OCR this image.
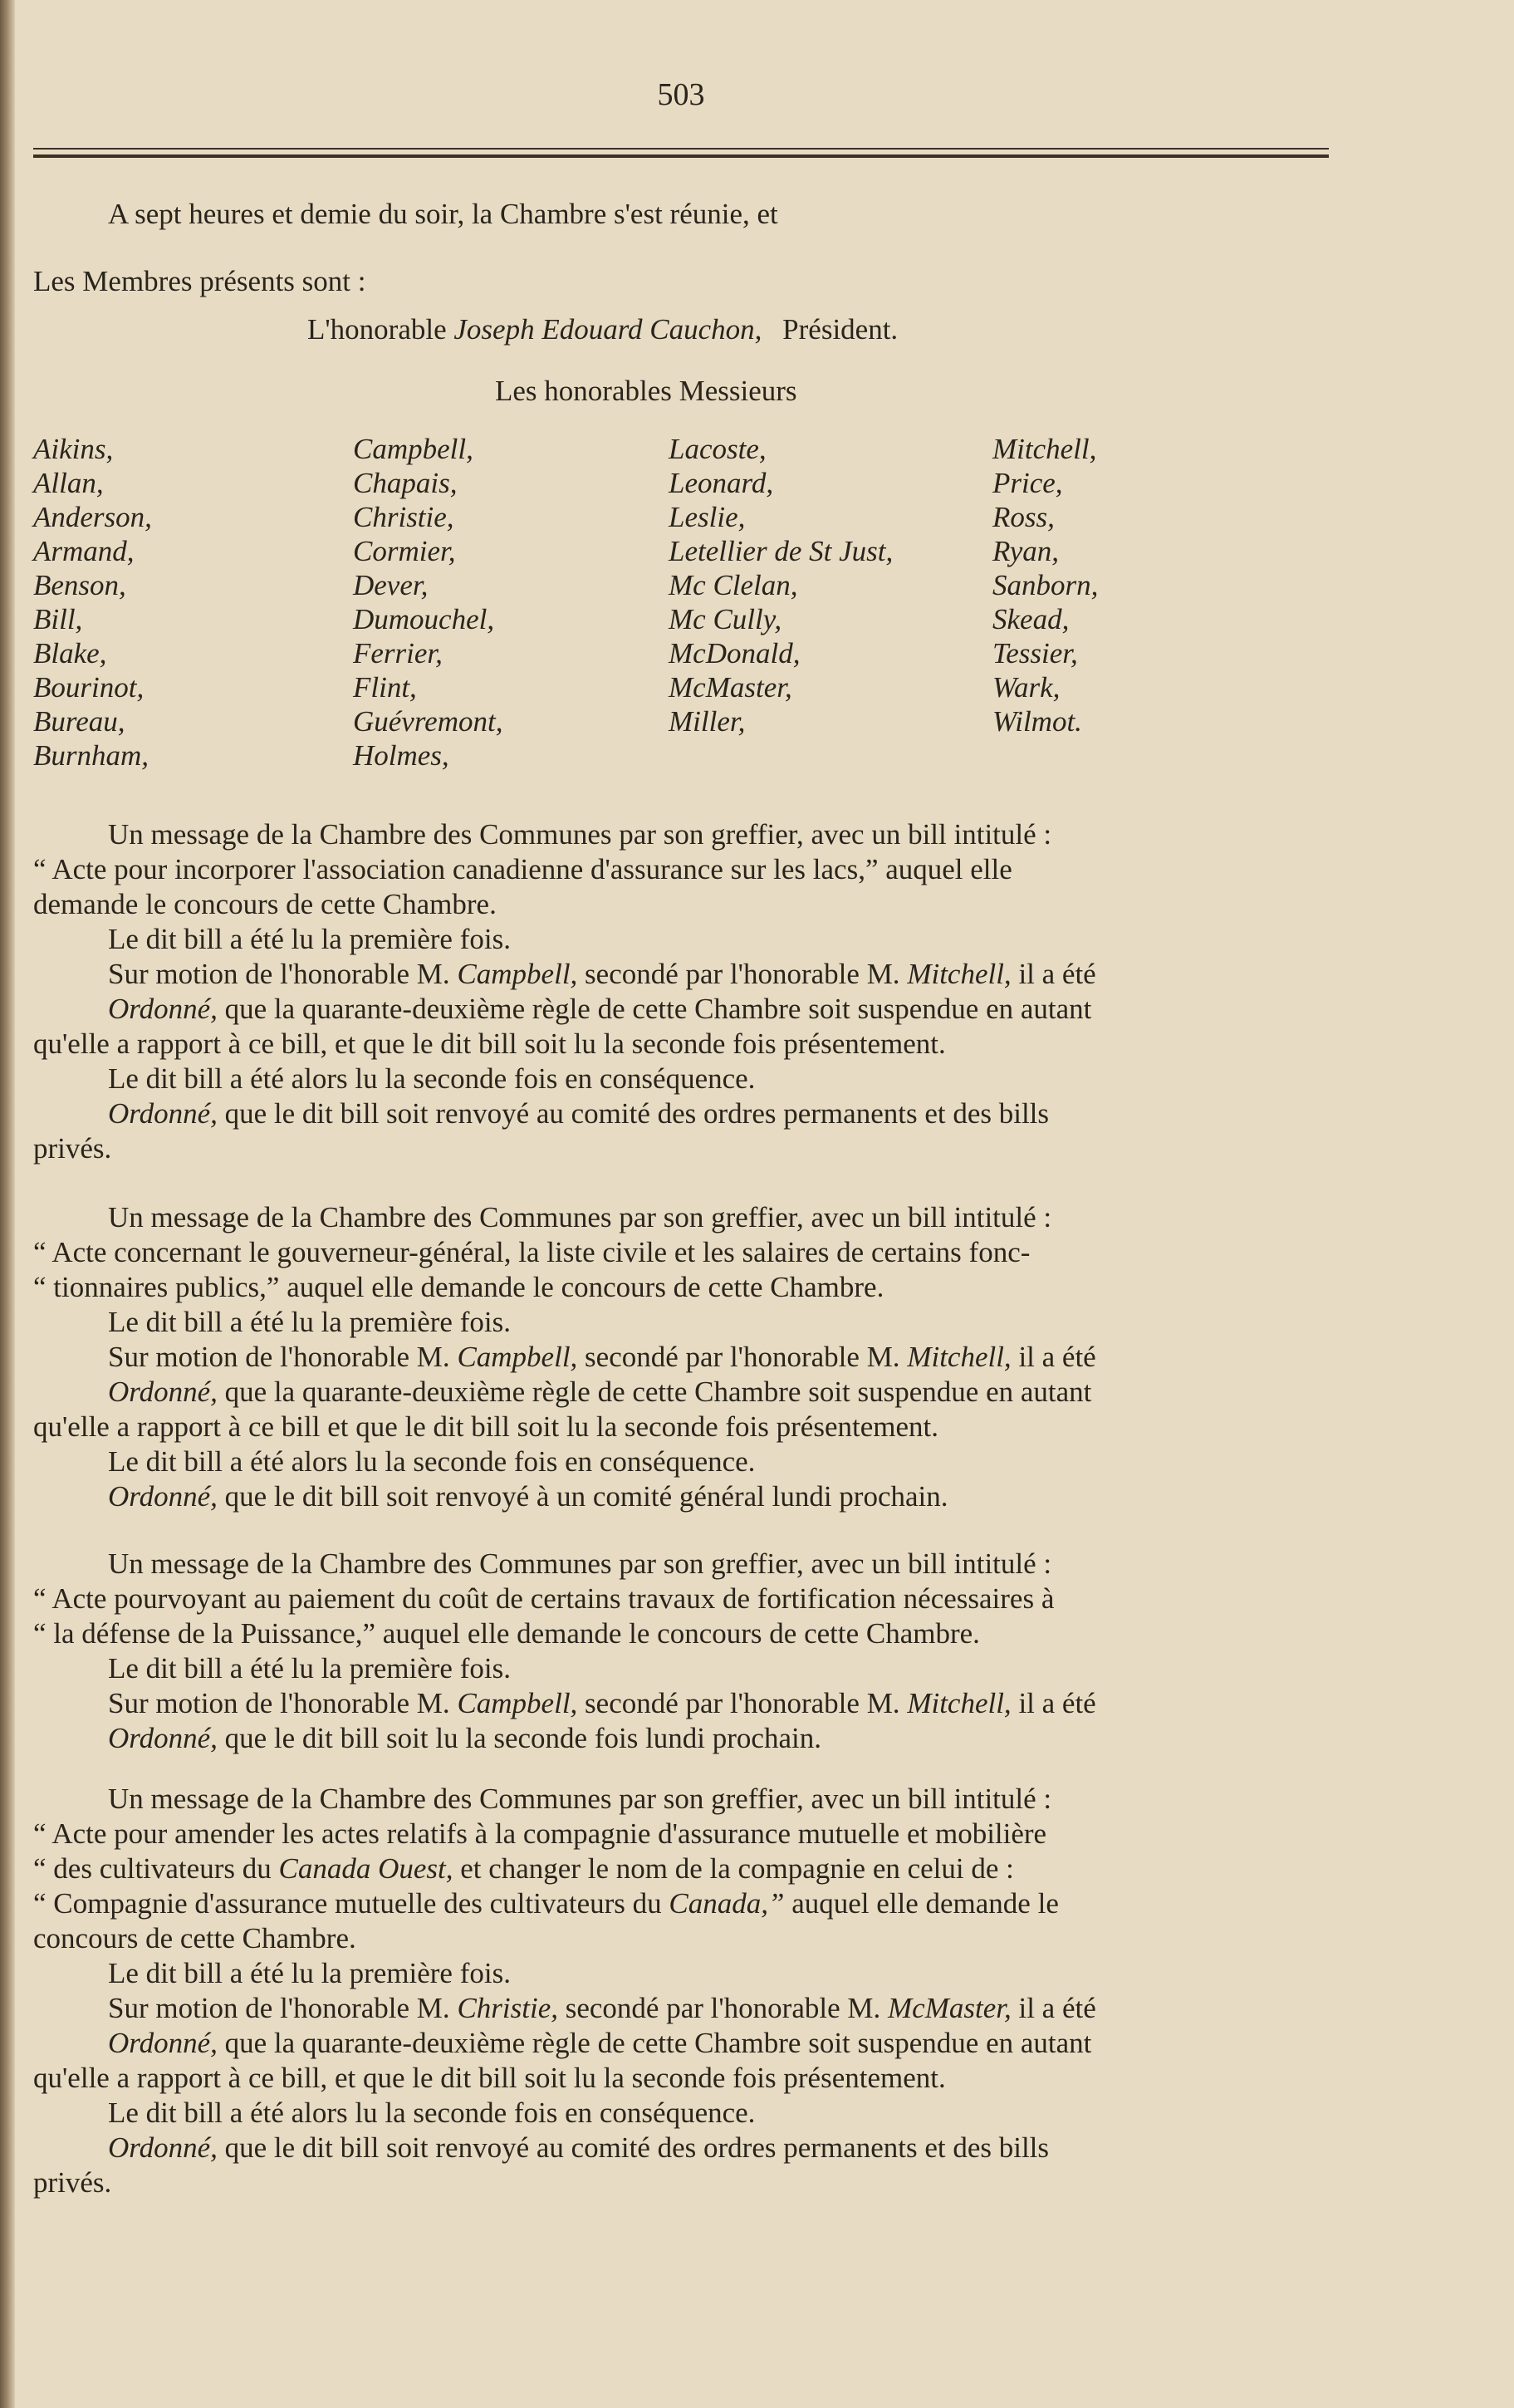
503

A sept heures et demie du soir, la Chambre s'est réunie, et

Les Membres présents sont :

L'honorable Joseph Edouard Cauchon, Président.

Les honorables Messieurs

Aikins,
Allan,
Anderson,
Armand,
Benson,
Bill,
Blake,
Bourinot,
Bureau,
Burnham,
Campbell,
Chapais,
Christie,
Cormier,
Dever,
Dumouchel,
Ferrier,
Flint,
Guévremont,
Holmes,
Lacoste,
Leonard,
Leslie,
Letellier de St Just,
Mc Clelan,
Mc Cully,
McDonald,
McMaster,
Miller,
Mitchell,
Price,
Ross,
Ryan,
Sanborn,
Skead,
Tessier,
Wark,
Wilmot.
Un message de la Chambre des Communes par son greffier, avec un bill intitulé :
“ Acte pour incorporer l'association canadienne d'assurance sur les lacs,” auquel elle
demande le concours de cette Chambre.
Le dit bill a été lu la première fois.
Sur motion de l'honorable M. Campbell, secondé par l'honorable M. Mitchell, il a été
Ordonné, que la quarante-deuxième règle de cette Chambre soit suspendue en autant
qu'elle a rapport à ce bill, et que le dit bill soit lu la seconde fois présentement.
Le dit bill a été alors lu la seconde fois en conséquence.
Ordonné, que le dit bill soit renvoyé au comité des ordres permanents et des bills
privés.
Un message de la Chambre des Communes par son greffier, avec un bill intitulé :
“ Acte concernant le gouverneur-général, la liste civile et les salaires de certains fonc-
“ tionnaires publics,” auquel elle demande le concours de cette Chambre.
Le dit bill a été lu la première fois.
Sur motion de l'honorable M. Campbell, secondé par l'honorable M. Mitchell, il a été
Ordonné, que la quarante-deuxième règle de cette Chambre soit suspendue en autant
qu'elle a rapport à ce bill et que le dit bill soit lu la seconde fois présentement.
Le dit bill a été alors lu la seconde fois en conséquence.
Ordonné, que le dit bill soit renvoyé à un comité général lundi prochain.
Un message de la Chambre des Communes par son greffier, avec un bill intitulé :
“ Acte pourvoyant au paiement du coût de certains travaux de fortification nécessaires à
“ la défense de la Puissance,” auquel elle demande le concours de cette Chambre.
Le dit bill a été lu la première fois.
Sur motion de l'honorable M. Campbell, secondé par l'honorable M. Mitchell, il a été
Ordonné, que le dit bill soit lu la seconde fois lundi prochain.
Un message de la Chambre des Communes par son greffier, avec un bill intitulé :
“ Acte pour amender les actes relatifs à la compagnie d'assurance mutuelle et mobilière
“ des cultivateurs du Canada Ouest, et changer le nom de la compagnie en celui de :
“ Compagnie d'assurance mutuelle des cultivateurs du Canada,” auquel elle demande le
concours de cette Chambre.
Le dit bill a été lu la première fois.
Sur motion de l'honorable M. Christie, secondé par l'honorable M. McMaster, il a été
Ordonné, que la quarante-deuxième règle de cette Chambre soit suspendue en autant
qu'elle a rapport à ce bill, et que le dit bill soit lu la seconde fois présentement.
Le dit bill a été alors lu la seconde fois en conséquence.
Ordonné, que le dit bill soit renvoyé au comité des ordres permanents et des bills
privés.
